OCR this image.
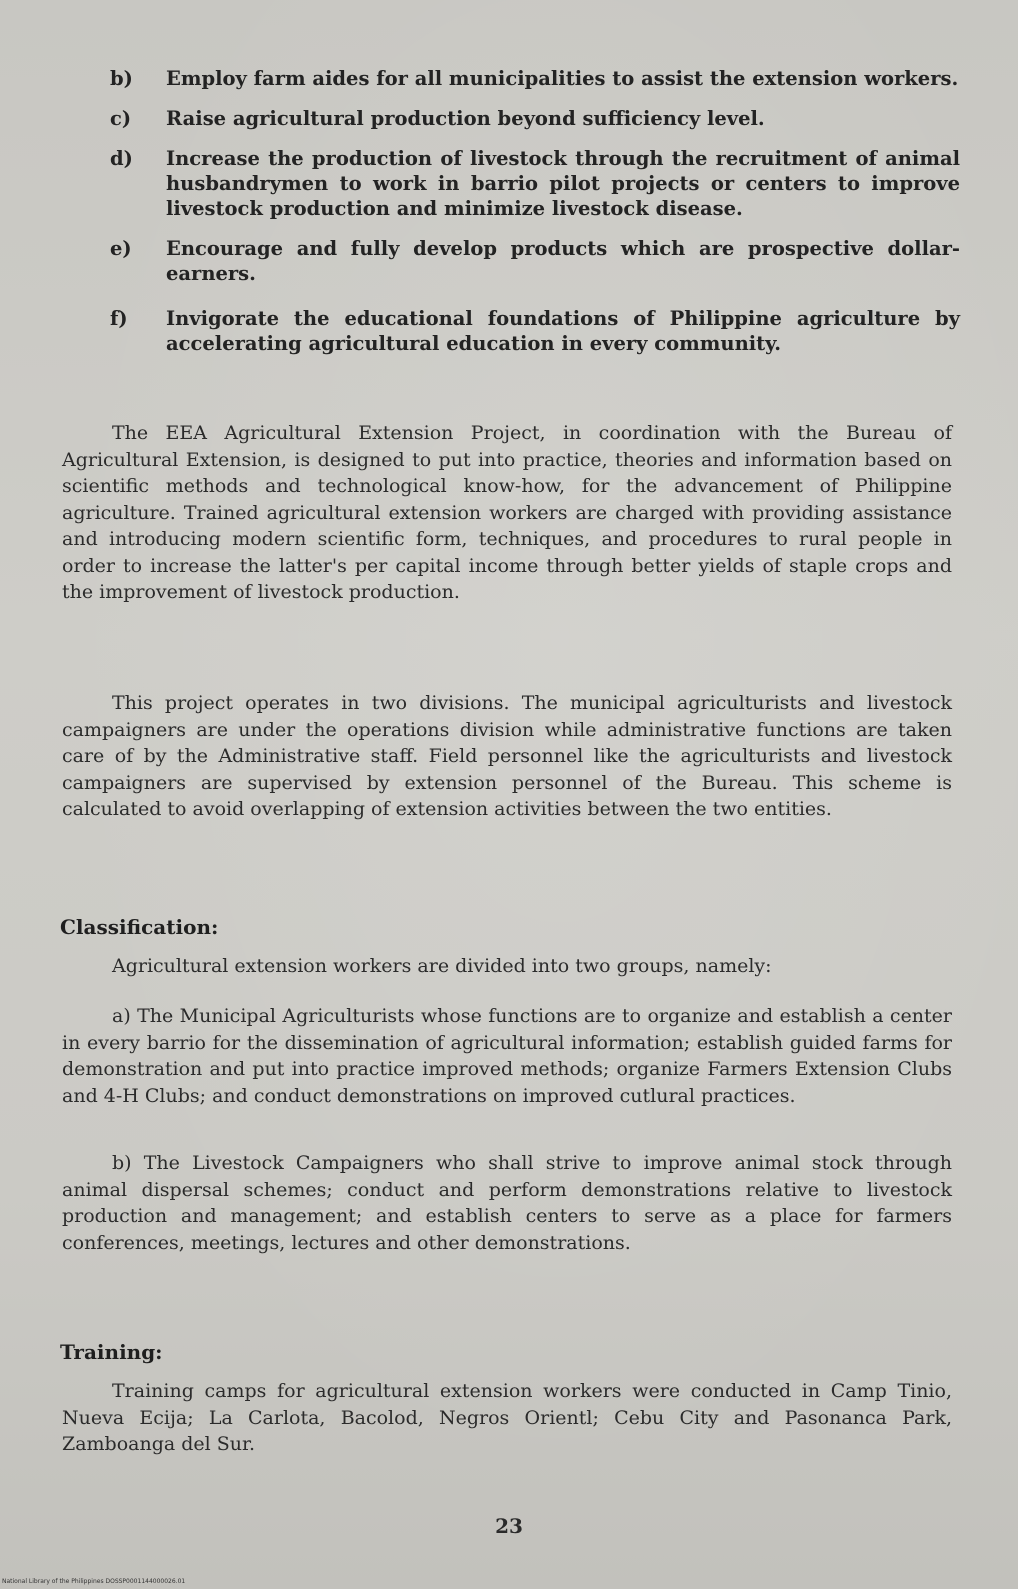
b)	Employ farm aides for all municipalities to assist the extension workers.
c)	Raise agricultural production beyond sufficiency level.
d)	Increase the production of livestock through the recruitment of animal husbandrymen to work in barrio pilot projects or centers to improve livestock production and minimize livestock disease.
e)	Encourage and fully develop products which are prospective dollar-earners.
f)	Invigorate the educational foundations of Philippine agriculture by accelerating agricultural education in every community.

The EEA Agricultural Extension Project, in coordination with the Bureau of Agricultural Extension, is designed to put into practice, theories and information based on scientific methods and technological know-how, for the advancement of Philippine agriculture. Trained agricultural extension workers are charged with providing assistance and introducing modern scientific form, techniques, and procedures to rural people in order to increase the latter's per capital income through better yields of staple crops and the improvement of livestock production.

This project operates in two divisions. The municipal agriculturists and livestock campaigners are under the operations division while administrative functions are taken care of by the Administrative staff. Field personnel like the agriculturists and livestock campaigners are supervised by extension personnel of the Bureau. This scheme is calculated to avoid overlapping of extension activities between the two entities.

Classification:

Agricultural extension workers are divided into two groups, namely:

a) The Municipal Agriculturists whose functions are to organize and establish a center in every barrio for the dissemination of agricultural information; establish guided farms for demonstration and put into practice improved methods; organize Farmers Extension Clubs and 4-H Clubs; and conduct demonstrations on improved cutlural practices.

b) The Livestock Campaigners who shall strive to improve animal stock through animal dispersal schemes; conduct and perform demonstrations relative to livestock production and management; and establish centers to serve as a place for farmers conferences, meetings, lectures and other demonstrations.

Training:

Training camps for agricultural extension workers were conducted in Camp Tinio, Nueva Ecija; La Carlota, Bacolod, Negros Orientl; Cebu City and Pasonanca Park, Zamboanga del Sur.

23
National Library of the Philippines DOSSP0001144000026.01
